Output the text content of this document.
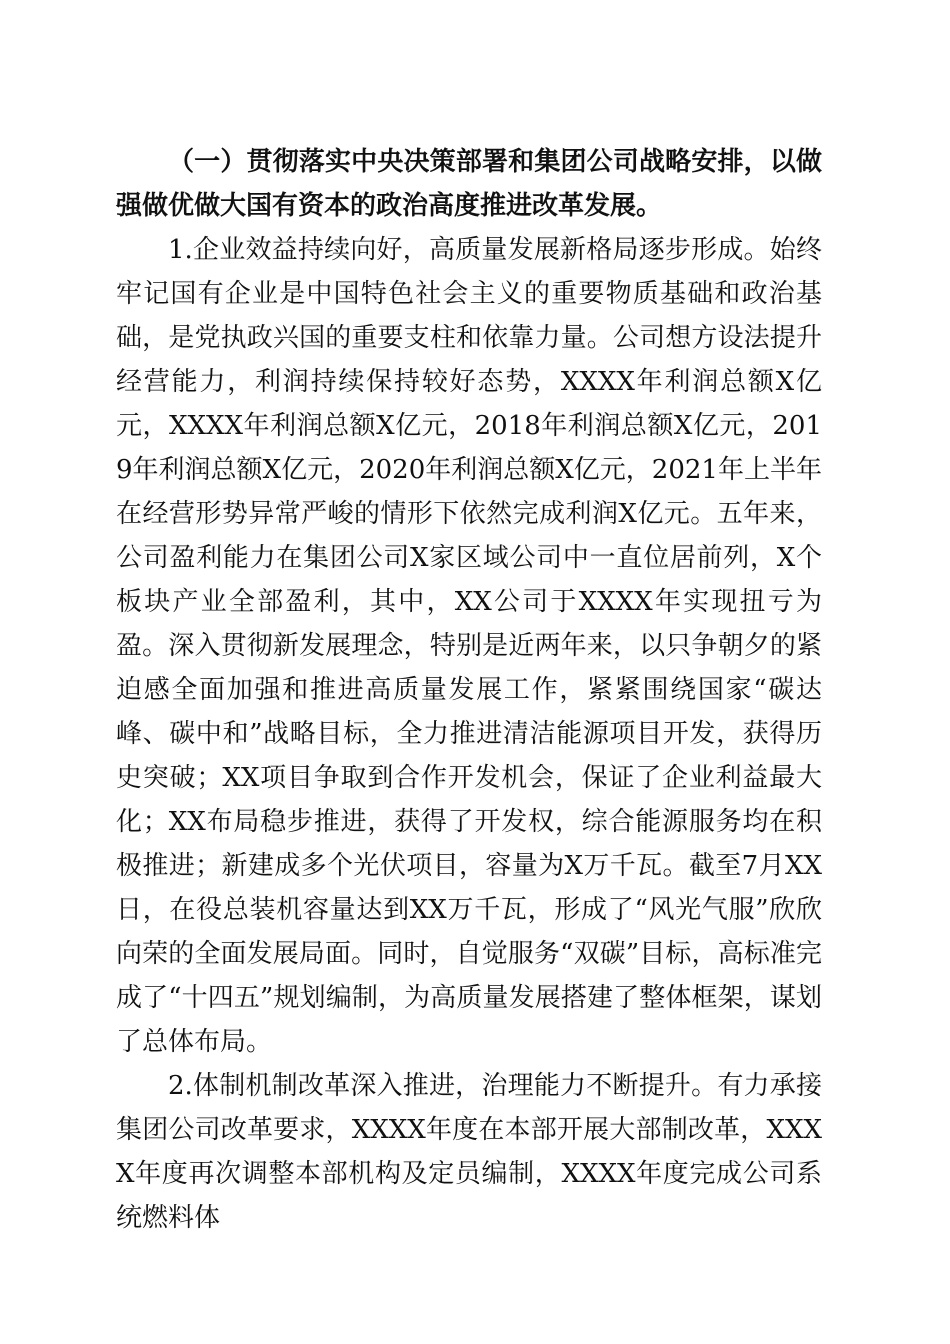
（一）贯彻落实中央决策部署和集团公司战略安排，以做强做优做大国有资本的政治高度推进改革发展。

1.企业效益持续向好，高质量发展新格局逐步形成。始终牢记国有企业是中国特色社会主义的重要物质基础和政治基础，是党执政兴国的重要支柱和依靠力量。公司想方设法提升经营能力，利润持续保持较好态势，XXXX年利润总额X亿元，XXXX年利润总额X亿元，2018年利润总额X亿元，2019年利润总额X亿元，2020年利润总额X亿元，2021年上半年在经营形势异常严峻的情形下依然完成利润X亿元。五年来，公司盈利能力在集团公司X家区域公司中一直位居前列，X个板块产业全部盈利，其中，XX公司于XXXX年实现扭亏为盈。深入贯彻新发展理念，特别是近两年来，以只争朝夕的紧迫感全面加强和推进高质量发展工作，紧紧围绕国家“碳达峰、碳中和”战略目标，全力推进清洁能源项目开发，获得历史突破；XX项目争取到合作开发机会，保证了企业利益最大化；XX布局稳步推进，获得了开发权，综合能源服务均在积极推进；新建成多个光伏项目，容量为X万千瓦。截至7月XX日，在役总装机容量达到XX万千瓦，形成了“风光气服”欣欣向荣的全面发展局面。同时，自觉服务“双碳”目标，高标准完成了“十四五”规划编制，为高质量发展搭建了整体框架，谋划了总体布局。

2.体制机制改革深入推进，治理能力不断提升。有力承接集团公司改革要求，XXXX年度在本部开展大部制改革，XXXX年度再次调整本部机构及定员编制，XXXX年度完成公司系统燃料体
